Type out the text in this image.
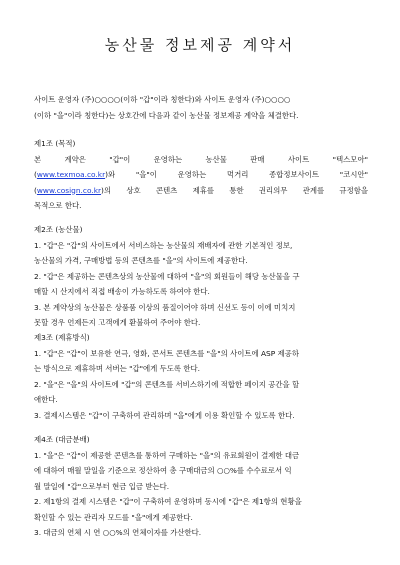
농산물 정보제공 계약서
사이트 운영자 (주)○○○○(이하 "갑"이라 칭한다)와 사이트 운영자 (주)○○○○
(이하 "을"이라 칭한다)는 상호간에 다음과 같이 농산물 정보제공 계약을 체결한다.
제1조 (목적)
본 계약은 "갑"이 운영하는 농산물 판매 사이트 "텍스모아"
(www.texmoa.co.kr)와 "을"이 운영하는 먹거리 종합정보사이트 "코시안"
(www.cosign.co.kr)의 상호 콘텐츠 제휴를 통한 권리의무 관계를 규정함을
목적으로 한다.
제2조 (농산물)
1. "갑"은 "갑"의 사이트에서 서비스하는 농산물의 재배자에 관한 기본적인 정보,
농산물의 가격, 구매방법 등의 콘텐츠를 "을"의 사이트에 제공한다.
2. "갑"은 제공하는 콘텐츠상의 농산물에 대하여 "을"의 회원들이 해당 농산물을 구
매할 시 산지에서 직접 배송이 가능하도록 하여야 한다.
3. 본 계약상의 농산물은 상품품 이상의 품질이어야 하며 신선도 등이 이에 미치지
못할 경우 언제든지 고객에게 환불하여 주어야 한다.
제3조 (제휴방식)
1. "갑"은 "갑"이 보유한 연극, 영화, 콘서트 콘텐츠를 "을"의 사이트에 ASP 제공하
는 방식으로 제휴하며 서버는 "갑"에게 두도록 한다.
2. "을"은 "을"의 사이트에 "갑"의 콘텐츠를 서비스하기에 적합한 페이지 공간을 할
애한다.
3. 결제시스템은 "갑"이 구축하여 관리하며 "을"에게 이용 확인할 수 있도록 한다.
제4조 (대금분배)
1. "을"은 "갑"이 제공한 콘텐츠를 통하여 구매하는 "을"의 유료회원이 결제한 대금
에 대하여 매월 말일을 기준으로 정산하여 총 구매대금의 ○○%를 수수료로서 익
월 말일에 "갑"으로부터 현금 입금 받는다.
2. 제1항의 결제 시스템은 "갑"이 구축하여 운영하며 동시에 "갑"은 제1항의 현황을
확인할 수 있는 관리자 모드를 "을"에게 제공한다.
3. 대금의 연체 시 연 ○○%의 연체이자를 가산한다.
